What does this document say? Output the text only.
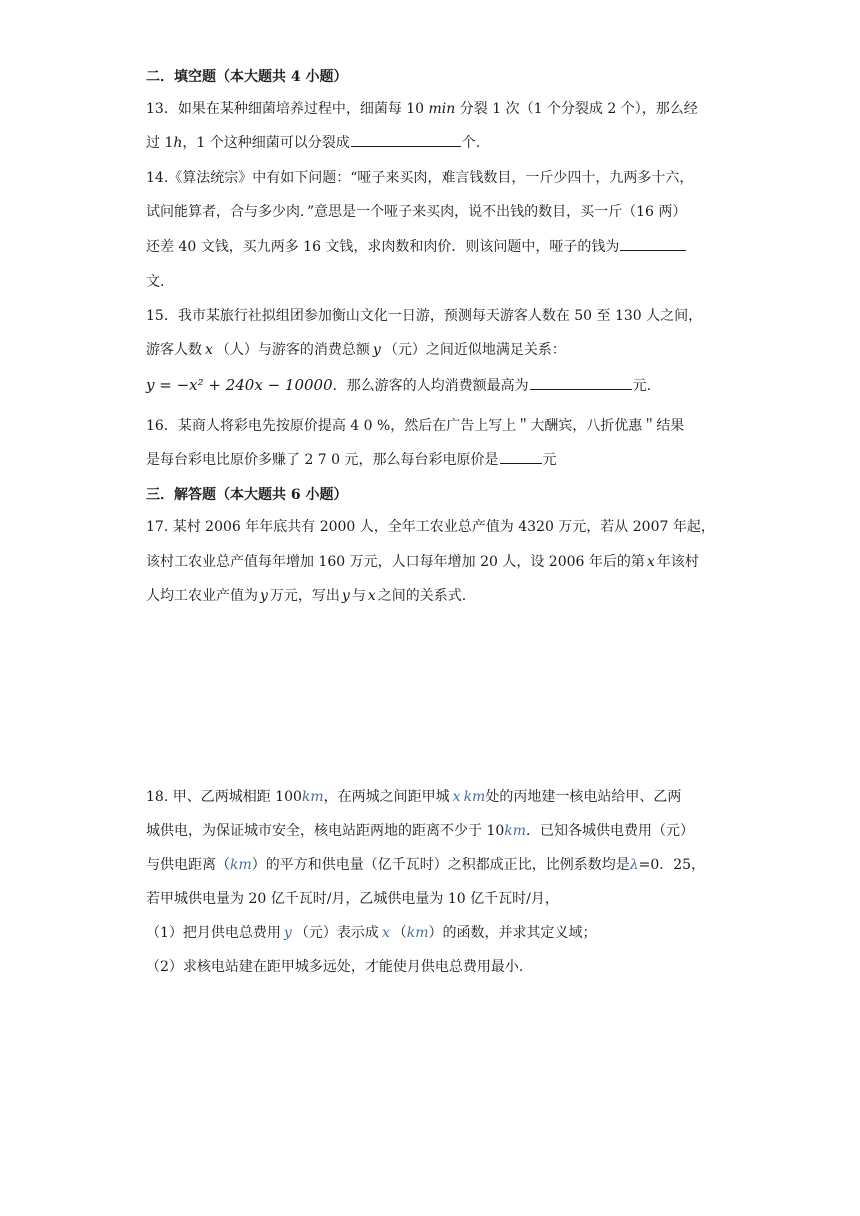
二．填空题（本大题共 4 小题）
13．如果在某种细菌培养过程中，细菌每 10 min 分裂 1 次（1 个分裂成 2 个），那么经
过 1h，1 个这种细菌可以分裂成	个.
14.《算法统宗》中有如下问题：“哑子来买肉，难言钱数目，一斤少四十，九两多十六，
试问能算者，合与多少肉．”意思是一个哑子来买肉，说不出钱的数目，买一斤（16 两）
还差 40 文钱，买九两多 16 文钱，求肉数和肉价．则该问题中，哑子的钱为
文.
15．我市某旅行社拟组团参加衡山文化一日游，预测每天游客人数在 50 至 130 人之间，
游客人数 x （人）与游客的消费总额 y （元）之间近似地满足关系：
y = −x² + 240x − 10000．那么游客的人均消费额最高为	元.
16．某商人将彩电先按原价提高 4 0 %，然后在广告上写上＂大酬宾，八折优惠＂结果
是每台彩电比原价多赚了 2 7 0 元，那么每台彩电原价是	元
三．解答题（本大题共 6 小题）
17. 某村 2006 年年底共有 2000 人，全年工农业总产值为 4320 万元，若从 2007 年起，
该村工农业总产值每年增加 160 万元，人口每年增加 20 人，设 2006 年后的第 x 年该村
人均工农业产值为 y 万元，写出 y 与 x 之间的关系式.
18. 甲、乙两城相距 100km，在两城之间距甲城 x km处的丙地建一核电站给甲、乙两
城供电，为保证城市安全，核电站距两地的距离不少于 10km．已知各城供电费用（元）
与供电距离（km）的平方和供电量（亿千瓦时）之积都成正比，比例系数均是λ=0．25，
若甲城供电量为 20 亿千瓦时/月，乙城供电量为 10 亿千瓦时/月，
（1）把月供电总费用 y （元）表示成 x （km）的函数，并求其定义域；
（2）求核电站建在距甲城多远处，才能使月供电总费用最小.
